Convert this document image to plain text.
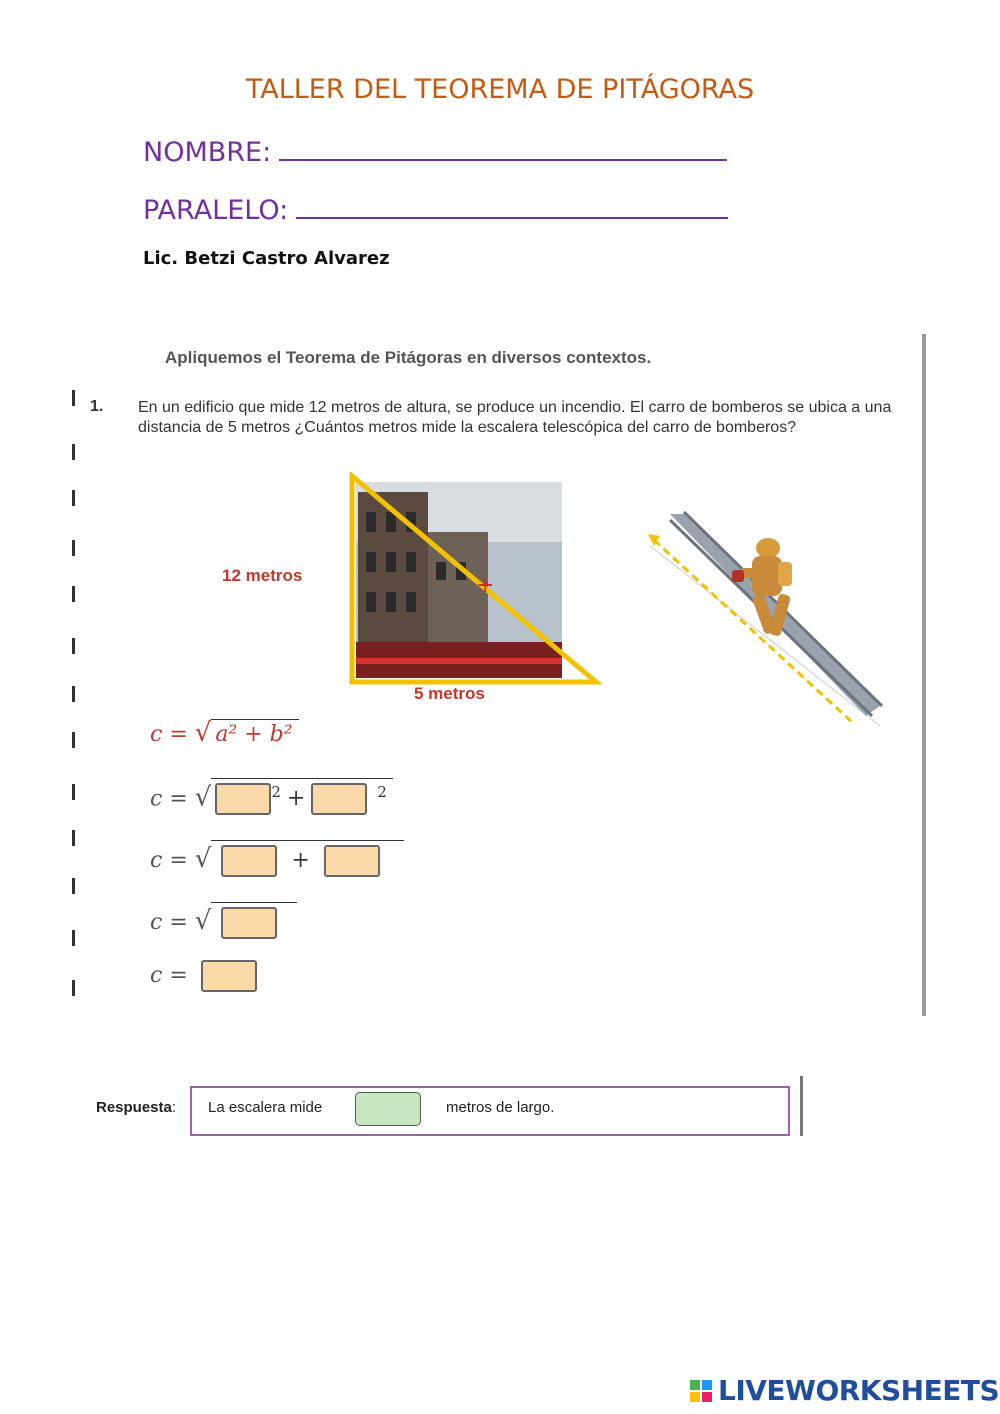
TALLER DEL TEOREMA DE PITÁGORAS
NOMBRE:
PARALELO:
Lic. Betzi Castro Alvarez
Apliquemos el Teorema de Pitágoras en diversos contextos.
1. En un edificio que mide 12 metros de altura, se produce un incendio. El carro de bomberos se ubica a una distancia de 5 metros ¿Cuántos metros mide la escalera telescópica del carro de bomberos?
+
12 metros
5 metros
c = √ a² + b²
c = √	$^2$ +	$^2$
c = √	+
c = √
c =
Respuesta: La escalera mide	metros de largo.
LIVEWORKSHEETS
